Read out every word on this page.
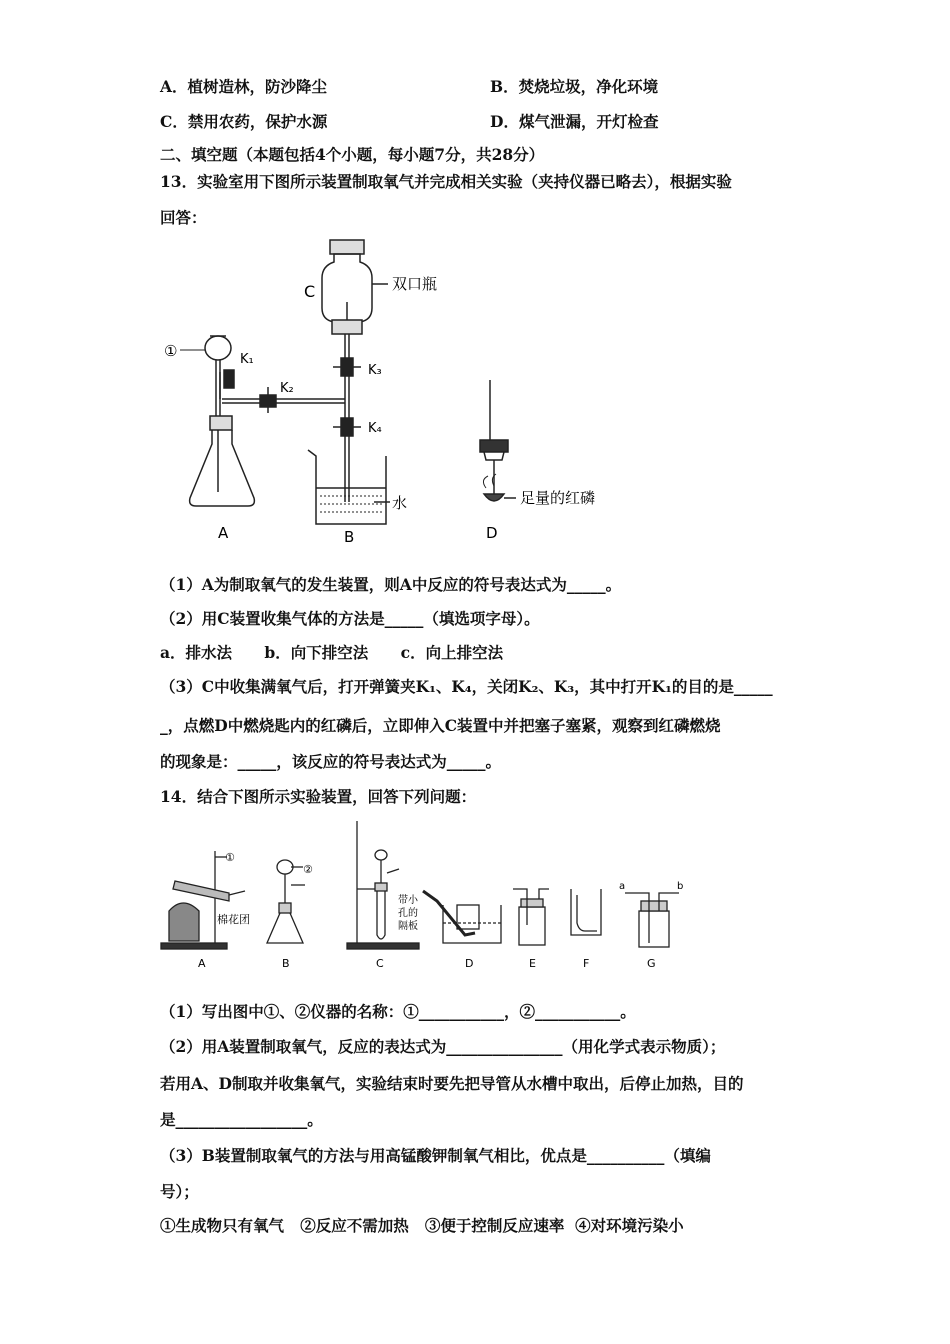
A．植树造林，防沙降尘	B．焚烧垃圾，净化环境
C．禁用农药，保护水源	D．煤气泄漏，开灯检查
二、填空题（本题包括4个小题，每小题7分，共28分）
13．实验室用下图所示装置制取氧气并完成相关实验（夹持仪器已略去），根据实验
回答：
C	双口瓶
①	K₁
K₂
K₃
K₄
水	足量的红磷
A	B	D
（1）A为制取氧气的发生装置，则A中反应的符号表达式为_____。
（2）用C装置收集气体的方法是_____（填选项字母）。
a．排水法      b．向下排空法      c．向上排空法
（3）C中收集满氧气后，打开弹簧夹K₁、K₄，关闭K₂、K₃，其中打开K₁的目的是_____
_，点燃D中燃烧匙内的红磷后，立即伸入C装置中并把塞子塞紧，观察到红磷燃烧
的现象是：_____，该反应的符号表达式为_____。
14．结合下图所示实验装置，回答下列问题：
①
②
棉花团
带小
孔的
隔板
a	b
A	B	C	D	E	F	G
（1）写出图中①、②仪器的名称：①___________，②___________。
（2）用A装置制取氧气，反应的表达式为_______________（用化学式表示物质）；
若用A、D制取并收集氧气，实验结束时要先把导管从水槽中取出，后停止加热，目的
是_________________。
（3）B装置制取氧气的方法与用高锰酸钾制氧气相比，优点是__________（填编
号）；
①生成物只有氧气   ②反应不需加热   ③便于控制反应速率  ④对环境污染小
